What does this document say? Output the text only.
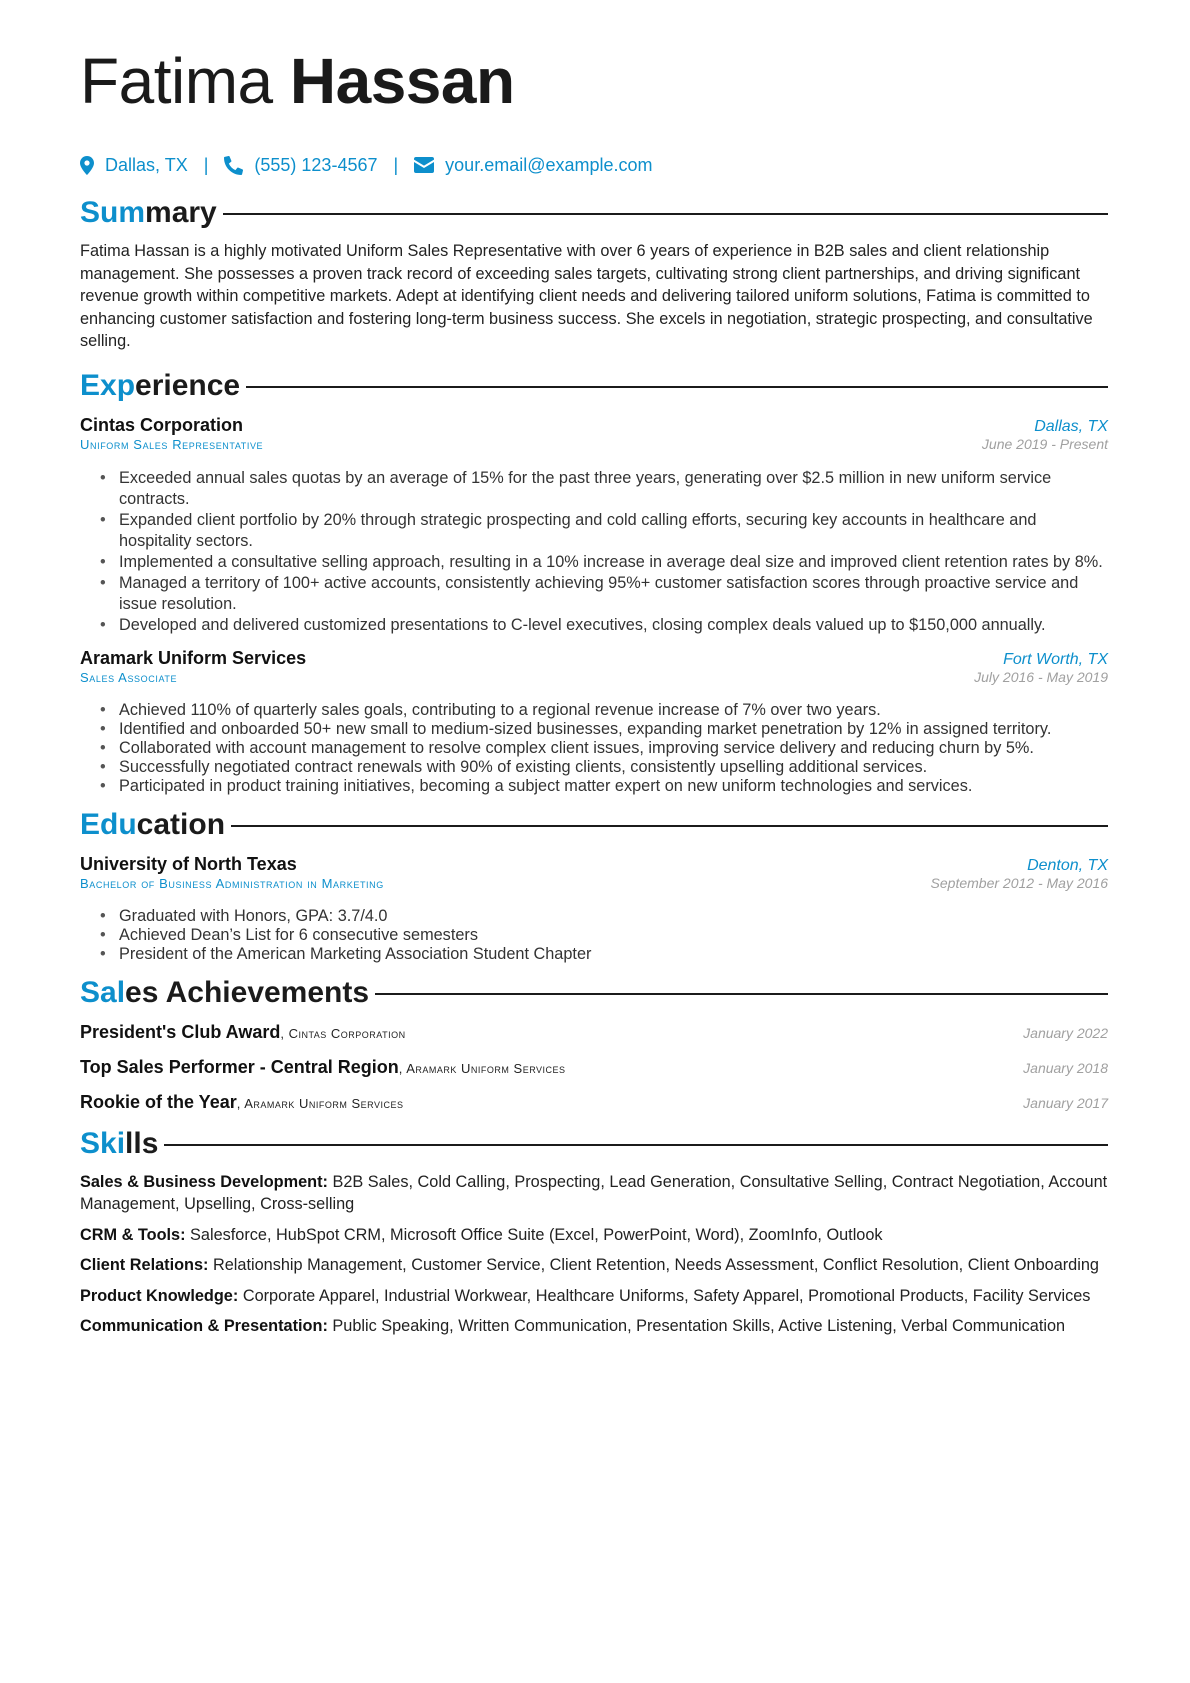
Fatima Hassan
Dallas, TX |	(555) 123-4567 |	your.email@example.com
Summary
Fatima Hassan is a highly motivated Uniform Sales Representative with over 6 years of experience in B2B sales and client relationship management. She possesses a proven track record of exceeding sales targets, cultivating strong client partnerships, and driving significant revenue growth within competitive markets. Adept at identifying client needs and delivering tailored uniform solutions, Fatima is committed to enhancing customer satisfaction and fostering long-term business success. She excels in negotiation, strategic prospecting, and consultative selling.
Experience
Cintas Corporation	Dallas, TX
Uniform Sales Representative	June 2019 - Present
• Exceeded annual sales quotas by an average of 15% for the past three years, generating over $2.5 million in new uniform service contracts.
• Expanded client portfolio by 20% through strategic prospecting and cold calling efforts, securing key accounts in healthcare and hospitality sectors.
• Implemented a consultative selling approach, resulting in a 10% increase in average deal size and improved client retention rates by 8%.
• Managed a territory of 100+ active accounts, consistently achieving 95%+ customer satisfaction scores through proactive service and issue resolution.
• Developed and delivered customized presentations to C-level executives, closing complex deals valued up to $150,000 annually.
Aramark Uniform Services	Fort Worth, TX
Sales Associate	July 2016 - May 2019
• Achieved 110% of quarterly sales goals, contributing to a regional revenue increase of 7% over two years.
• Identified and onboarded 50+ new small to medium-sized businesses, expanding market penetration by 12% in assigned territory.
• Collaborated with account management to resolve complex client issues, improving service delivery and reducing churn by 5%.
• Successfully negotiated contract renewals with 90% of existing clients, consistently upselling additional services.
• Participated in product training initiatives, becoming a subject matter expert on new uniform technologies and services.
Education
University of North Texas	Denton, TX
Bachelor of Business Administration in Marketing	September 2012 - May 2016
• Graduated with Honors, GPA: 3.7/4.0
• Achieved Dean’s List for 6 consecutive semesters
• President of the American Marketing Association Student Chapter
Sales Achievements
President's Club Award, Cintas Corporation	January 2022
Top Sales Performer - Central Region, Aramark Uniform Services	January 2018
Rookie of the Year, Aramark Uniform Services	January 2017
Skills
Sales & Business Development: B2B Sales, Cold Calling, Prospecting, Lead Generation, Consultative Selling, Contract Negotiation, Account Management, Upselling, Cross-selling
CRM & Tools: Salesforce, HubSpot CRM, Microsoft Office Suite (Excel, PowerPoint, Word), ZoomInfo, Outlook
Client Relations: Relationship Management, Customer Service, Client Retention, Needs Assessment, Conflict Resolution, Client Onboarding
Product Knowledge: Corporate Apparel, Industrial Workwear, Healthcare Uniforms, Safety Apparel, Promotional Products, Facility Services
Communication & Presentation: Public Speaking, Written Communication, Presentation Skills, Active Listening, Verbal Communication
